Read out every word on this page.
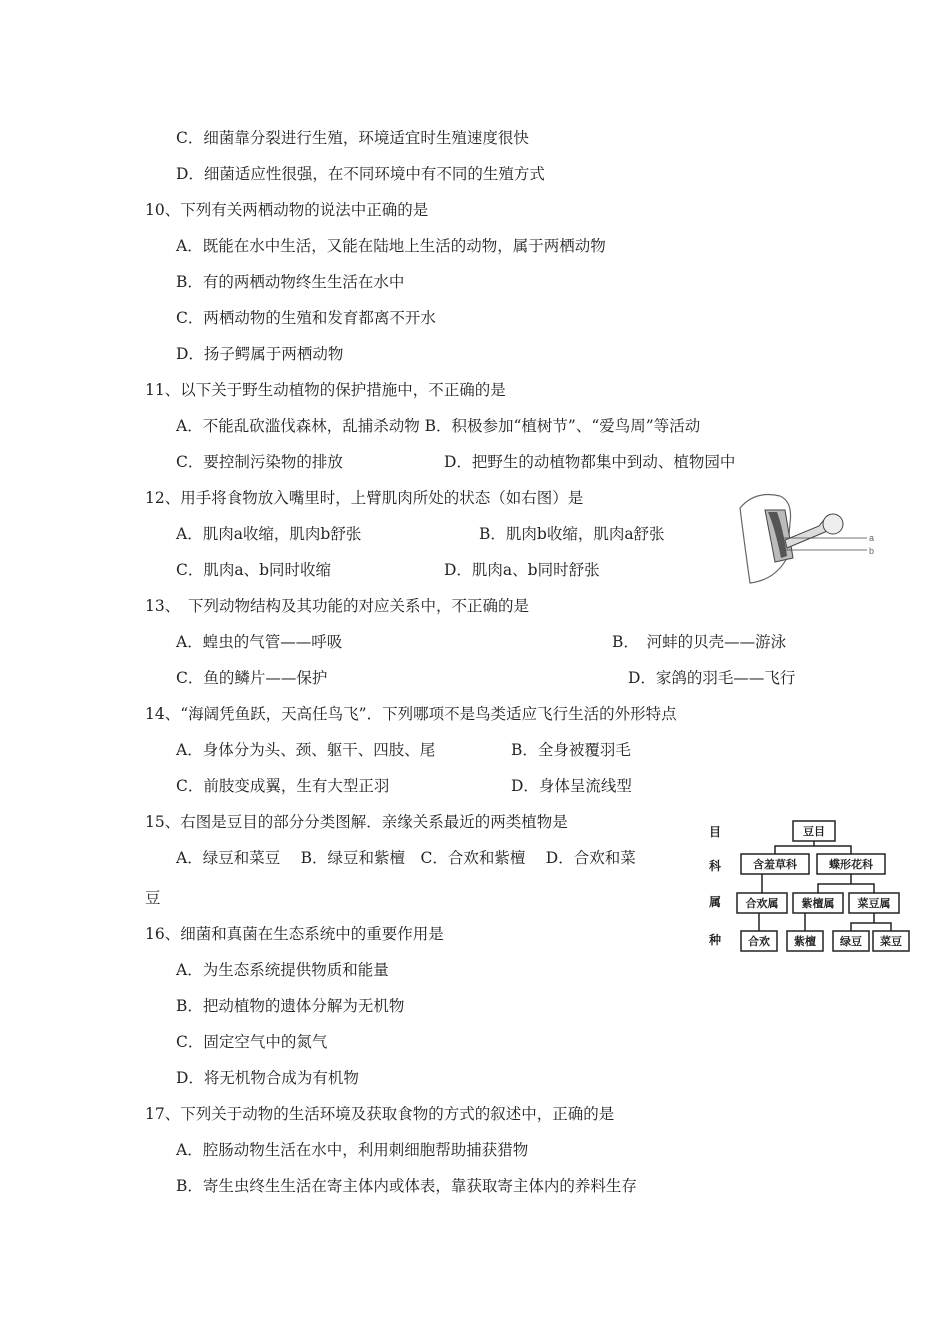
C．细菌靠分裂进行生殖，环境适宜时生殖速度很快
D．细菌适应性很强，在不同环境中有不同的生殖方式
10、下列有关两栖动物的说法中正确的是
A．既能在水中生活，又能在陆地上生活的动物，属于两栖动物
B．有的两栖动物终生生活在水中
C．两栖动物的生殖和发育都离不开水
D．扬子鳄属于两栖动物
11、以下关于野生动植物的保护措施中，不正确的是
A．不能乱砍滥伐森林，乱捕杀动物 B．积极参加“植树节”、“爱鸟周”等活动
C．要控制污染物的排放	D．把野生的动植物都集中到动、植物园中
12、用手将食物放入嘴里时，上臂肌肉所处的状态（如右图）是
A．肌肉a收缩，肌肉b舒张	B．肌肉b收缩，肌肉a舒张
C．肌肉a、b同时收缩	D．肌肉a、b同时舒张
13、　下列动物结构及其功能的对应关系中，不正确的是
A．蝗虫的气管——呼吸	B．　河蚌的贝壳——游泳
C．鱼的鳞片——保护	D．家鸽的羽毛——飞行
14、“海阔凭鱼跃，天高任鸟飞”．下列哪项不是鸟类适应飞行生活的外形特点
A．身体分为头、颈、躯干、四肢、尾	B．全身被覆羽毛
C．前肢变成翼，生有大型正羽	D．身体呈流线型
15、右图是豆目的部分分类图解．亲缘关系最近的两类植物是
A．绿豆和菜豆　 B．绿豆和紫檀　C．合欢和紫檀　 D．合欢和菜
豆
16、细菌和真菌在生态系统中的重要作用是
A．为生态系统提供物质和能量
B．把动植物的遗体分解为无机物
C．固定空气中的氮气
D．将无机物合成为有机物
17、下列关于动物的生活环境及获取食物的方式的叙述中，正确的是
A．腔肠动物生活在水中，利用刺细胞帮助捕获猎物
B．寄生虫终生生活在寄主体内或体表，靠获取寄主体内的养料生存
a
b
目
科
属
种
豆目
含羞草科	蝶形花科
合欢属 紫檀属 菜豆属
合欢 紫檀 绿豆 菜豆
